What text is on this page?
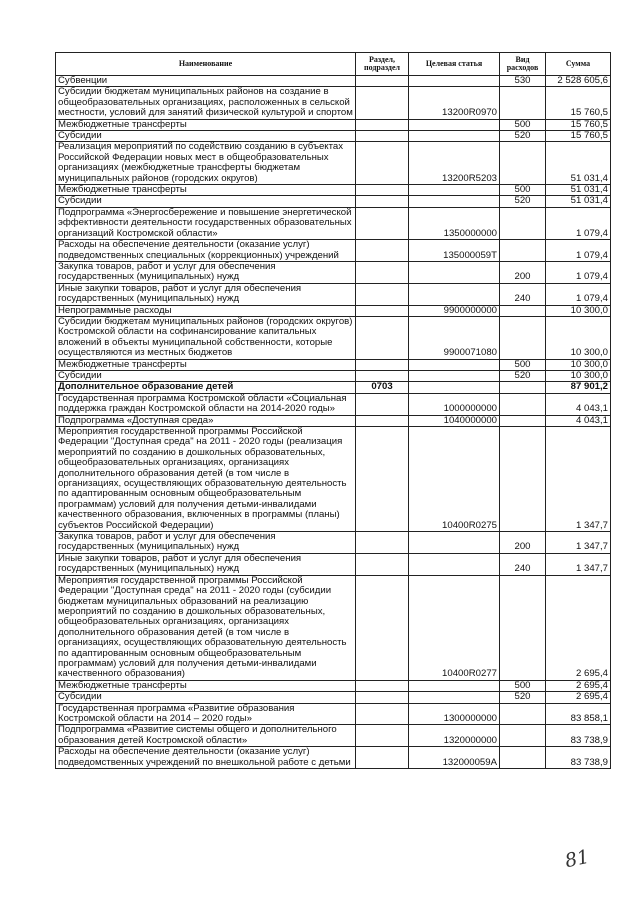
Наименование	Раздел, подраздел	Целевая статья	Вид расходов	Сумма
Субвенции			530	2 528 605,6
Субсидии бюджетам муниципальных районов на создание в общеобразовательных организациях, расположенных в сельской местности, условий для занятий физической культурой и спортом		13200R0970		15 760,5
Межбюджетные трансферты			500	15 760,5
Субсидии			520	15 760,5
Реализация мероприятий по содействию созданию в субъектах Российской Федерации новых мест в общеобразовательных организациях (межбюджетные трансферты бюджетам муниципальных районов (городских округов)		13200R5203		51 031,4
Межбюджетные трансферты			500	51 031,4
Субсидии			520	51 031,4
Подпрограмма «Энергосбережение и повышение энергетической эффективности деятельности государственных образовательных организаций Костромской области»		1350000000		1 079,4
Расходы на обеспечение деятельности (оказание услуг) подведомственных специальных (коррекционных) учреждений		135000059T		1 079,4
Закупка товаров, работ и услуг для обеспечения государственных (муниципальных) нужд			200	1 079,4
Иные закупки товаров, работ и услуг для обеспечения государственных (муниципальных) нужд			240	1 079,4
Непрограммные расходы		9900000000		10 300,0
Субсидии бюджетам муниципальных районов (городских округов) Костромской области на софинансирование капитальных вложений в объекты муниципальной собственности, которые осуществляются из местных бюджетов		9900071080		10 300,0
Межбюджетные трансферты			500	10 300,0
Субсидии			520	10 300,0
Дополнительное образование детей	0703			87 901,2
Государственная программа Костромской области «Социальная поддержка граждан Костромской области на 2014-2020 годы»		1000000000		4 043,1
Подпрограмма «Доступная среда»		1040000000		4 043,1
Мероприятия государственной программы Российской Федерации "Доступная среда" на 2011 - 2020 годы (реализация мероприятий по созданию в дошкольных образовательных, общеобразовательных организациях, организациях дополнительного образования детей (в том числе в организациях, осуществляющих образовательную деятельность по адаптированным основным общеобразовательным программам) условий для получения детьми-инвалидами качественного образования, включенных в программы (планы) субъектов Российской Федерации)		10400R0275		1 347,7
Закупка товаров, работ и услуг для обеспечения государственных (муниципальных) нужд			200	1 347,7
Иные закупки товаров, работ и услуг для обеспечения государственных (муниципальных) нужд			240	1 347,7
Мероприятия государственной программы Российской Федерации "Доступная среда" на 2011 - 2020 годы (субсидии бюджетам муниципальных образований на реализацию мероприятий по созданию в дошкольных образовательных, общеобразовательных организациях, организациях дополнительного образования детей (в том числе в организациях, осуществляющих образовательную деятельность по адаптированным основным общеобразовательным программам) условий для получения детьми-инвалидами качественного образования)		10400R0277		2 695,4
Межбюджетные трансферты			500	2 695,4
Субсидии			520	2 695,4
Государственная программа «Развитие образования Костромской области на 2014 – 2020 годы»		1300000000		83 858,1
Подпрограмма «Развитие системы общего и дополнительного образования детей Костромской области»		1320000000		83 738,9
Расходы на обеспечение деятельности (оказание услуг) подведомственных учреждений по внешкольной работе с детьми		132000059A		83 738,9
81
